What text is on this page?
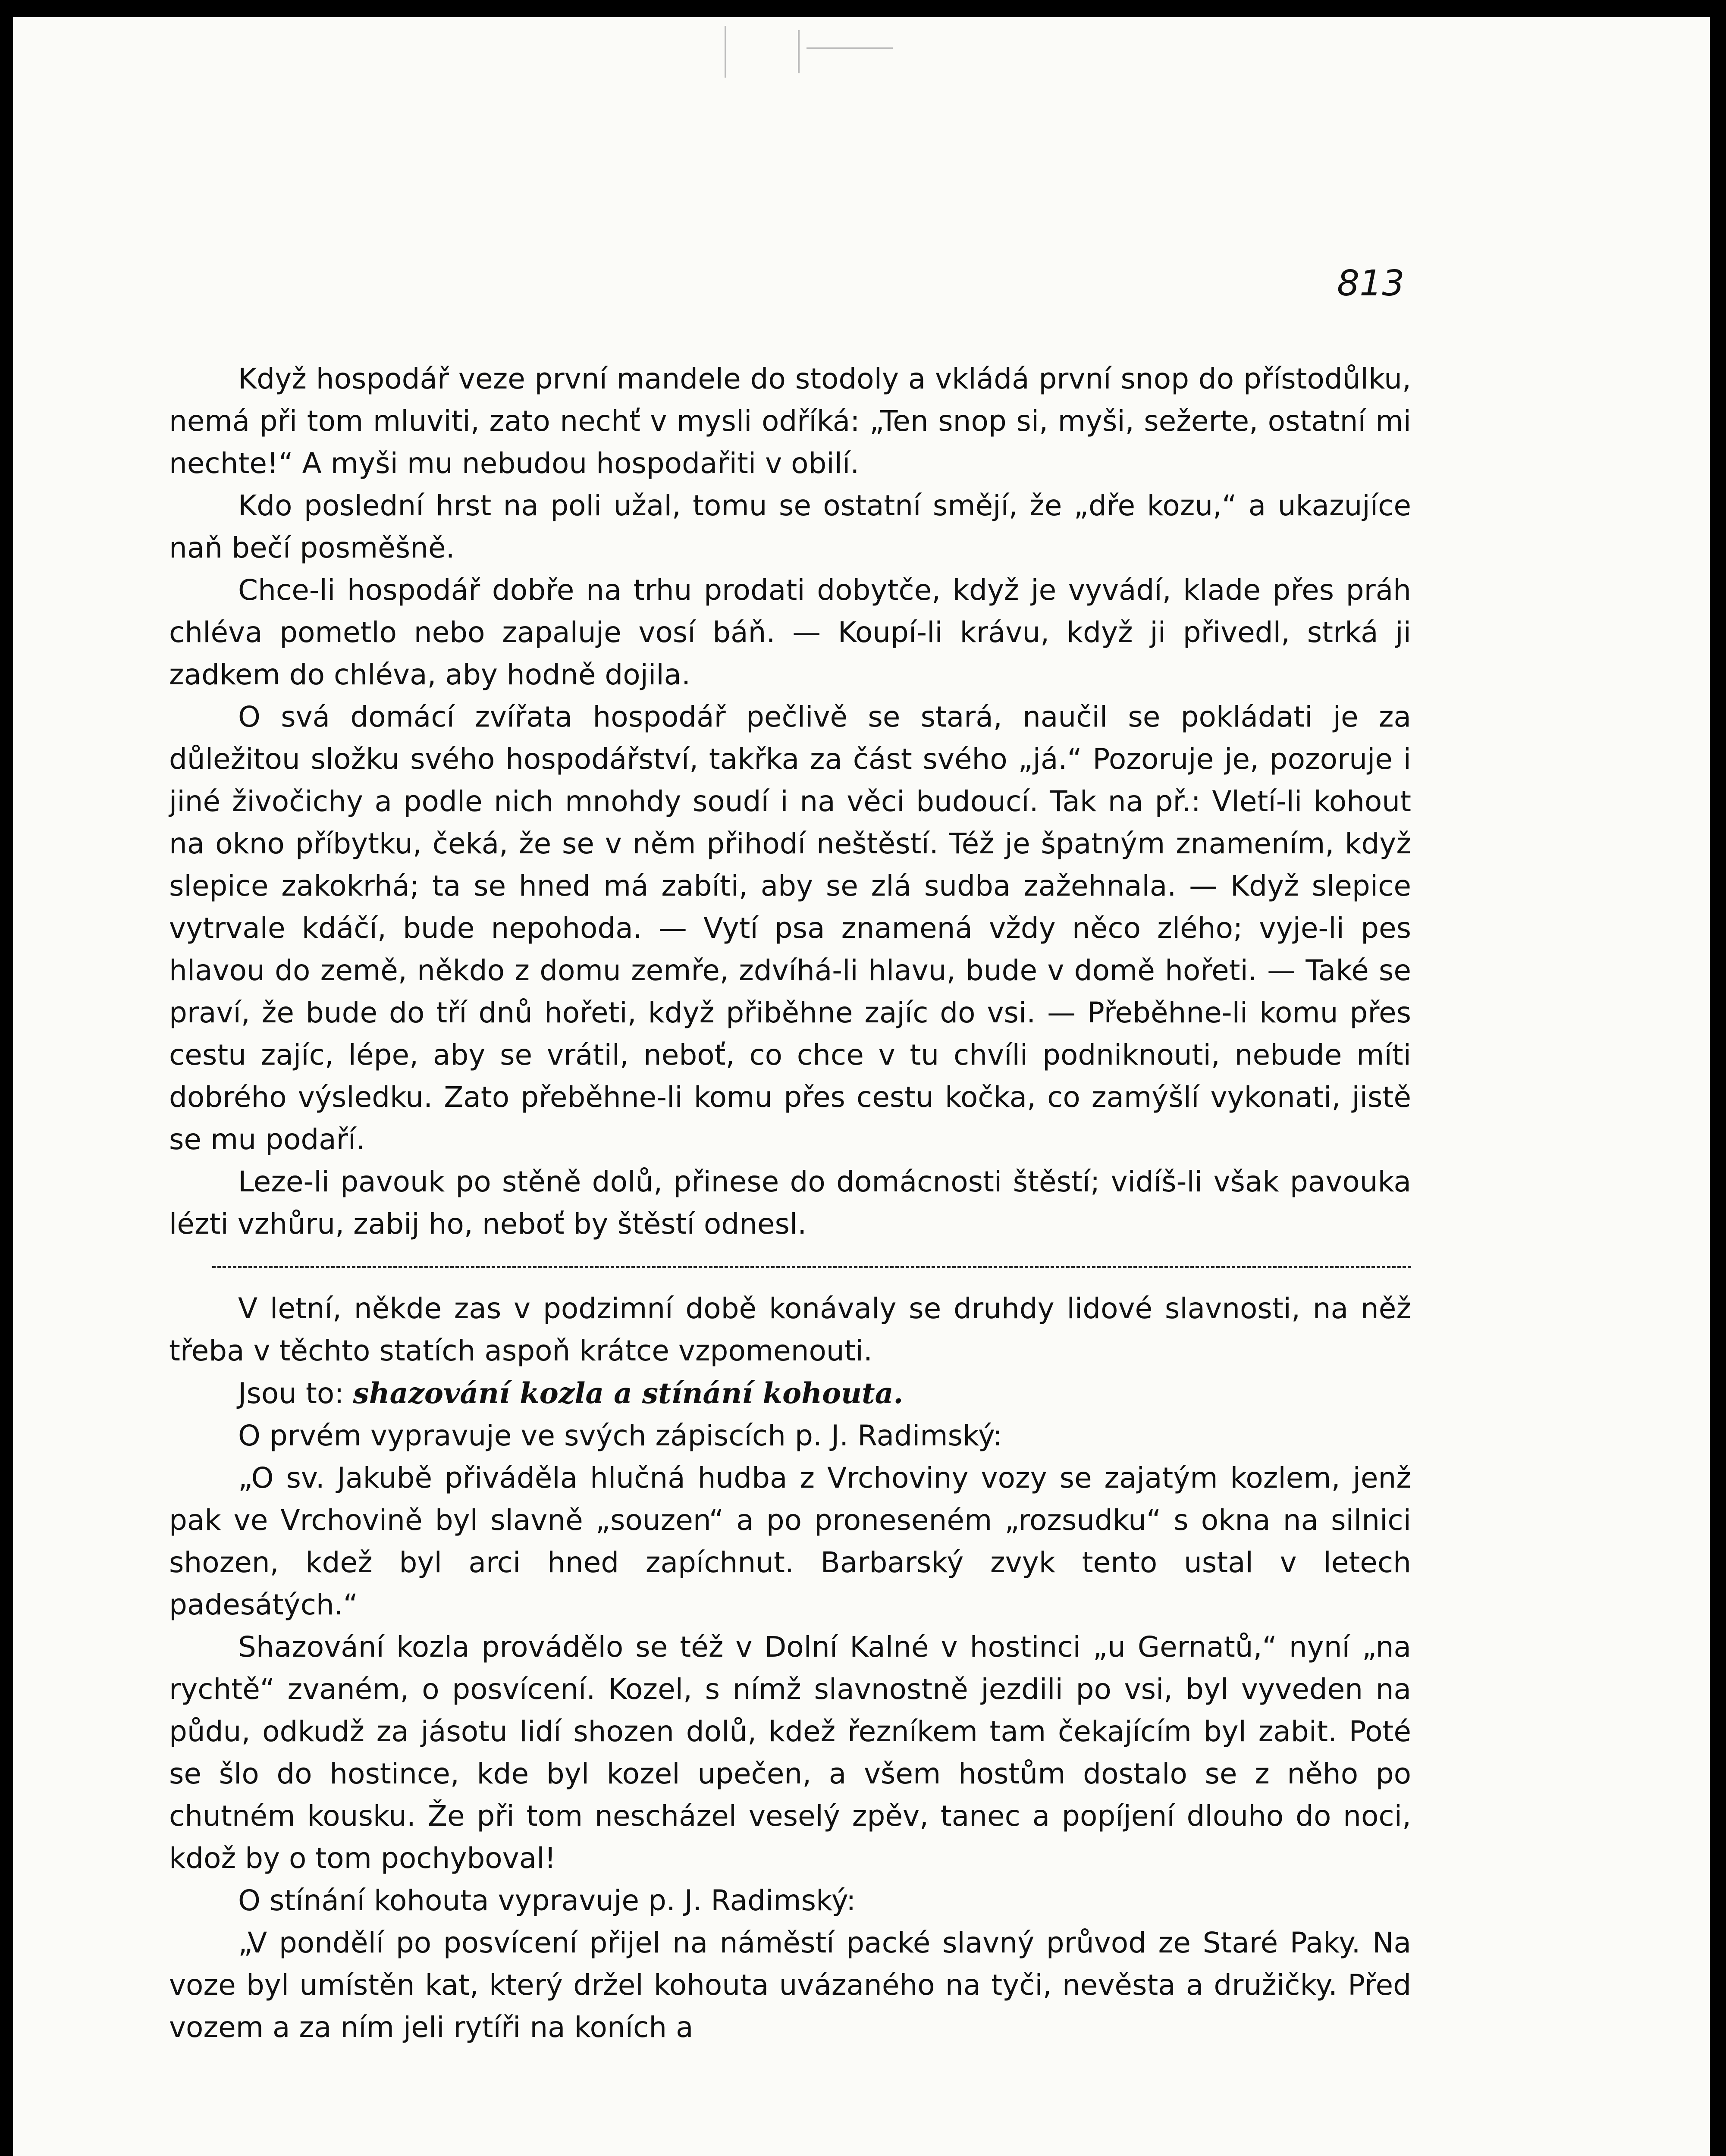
813

Když hospodář veze první mandele do stodoly a vkládá první snop do přístodůlku, nemá při tom mluviti, zato nechť v mysli odříká: „Ten snop si, myši, sežerte, ostatní mi nechte!“ A myši mu nebudou hospodařiti v obilí.

Kdo poslední hrst na poli užal, tomu se ostatní smějí, že „dře kozu,“ a ukazujíce naň bečí posměšně.

Chce-li hospodář dobře na trhu prodati dobytče, když je vyvádí, klade přes práh chléva pometlo nebo zapaluje vosí báň. — Koupí-li krávu, když ji přivedl, strká ji zadkem do chléva, aby hodně dojila.

O svá domácí zvířata hospodář pečlivě se stará, naučil se pokládati je za důležitou složku svého hospodářství, takřka za část svého „já.“ Pozoruje je, pozoruje i jiné živočichy a podle nich mnohdy soudí i na věci budoucí. Tak na př.: Vletí-li kohout na okno příbytku, čeká, že se v něm přihodí neštěstí. Též je špatným znamením, když slepice zakokrhá; ta se hned má zabíti, aby se zlá sudba zažehnala. — Když slepice vytrvale kdáčí, bude nepohoda. — Vytí psa znamená vždy něco zlého; vyje-li pes hlavou do země, někdo z domu zemře, zdvíhá-li hlavu, bude v domě hořeti. — Také se praví, že bude do tří dnů hořeti, když přiběhne zajíc do vsi. — Přeběhne-li komu přes cestu zajíc, lépe, aby se vrátil, neboť, co chce v tu chvíli podniknouti, nebude míti dobrého výsledku. Zato přeběhne-li komu přes cestu kočka, co zamýšlí vykonati, jistě se mu podaří.

Leze-li pavouk po stěně dolů, přinese do domácnosti štěstí; vidíš-li však pavouka lézti vzhůru, zabij ho, neboť by štěstí odnesl.

V letní, někde zas v podzimní době konávaly se druhdy lidové slavnosti, na něž třeba v těchto statích aspoň krátce vzpomenouti.

Jsou to: shazování kozla a stínání kohouta.

O prvém vypravuje ve svých zápiscích p. J. Radimský:

„O sv. Jakubě přiváděla hlučná hudba z Vrchoviny vozy se zajatým kozlem, jenž pak ve Vrchovině byl slavně „souzen“ a po proneseném „rozsudku“ s okna na silnici shozen, kdež byl arci hned zapíchnut. Barbarský zvyk tento ustal v letech padesátých.“

Shazování kozla provádělo se též v Dolní Kalné v hostinci „u Gernatů,“ nyní „na rychtě“ zvaném, o posvícení. Kozel, s nímž slavnostně jezdili po vsi, byl vyveden na půdu, odkudž za jásotu lidí shozen dolů, kdež řezníkem tam čekajícím byl zabit. Poté se šlo do hostince, kde byl kozel upečen, a všem hostům dostalo se z něho po chutném kousku. Že při tom nescházel veselý zpěv, tanec a popíjení dlouho do noci, kdož by o tom pochyboval!

O stínání kohouta vypravuje p. J. Radimský:

„V pondělí po posvícení přijel na náměstí packé slavný průvod ze Staré Paky. Na voze byl umístěn kat, který držel kohouta uvázaného na tyči, nevěsta a družičky. Před vozem a za ním jeli rytíři na koních a
